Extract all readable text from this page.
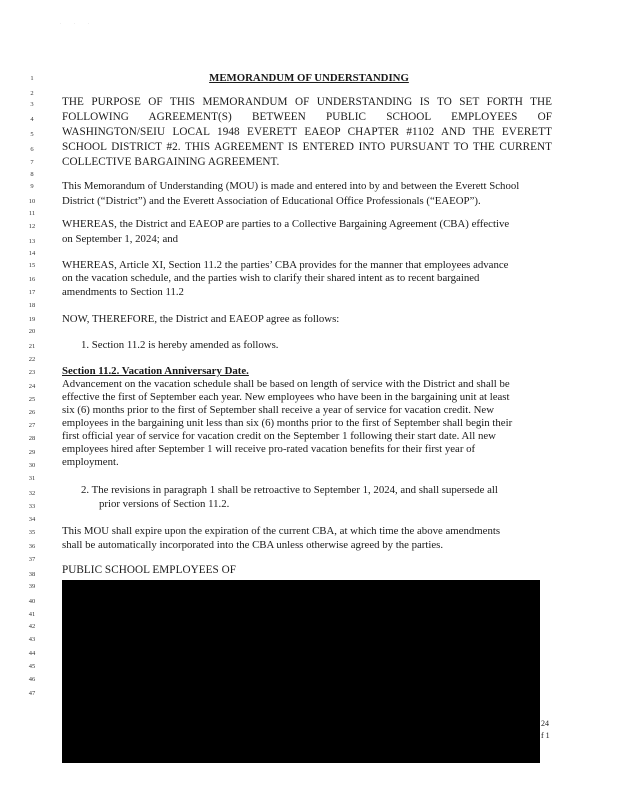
. . .
1
2
3
4
5
6
7
8
9
10
11
12
13
14
15
16
17
18
19
20
21
22
23
24
25
26
27
28
29
30
31
32
33
34
35
36
37
38
39
40
41
42
43
44
45
46
47
MEMORANDUM OF UNDERSTANDING
THE PURPOSE OF THIS MEMORANDUM OF UNDERSTANDING IS TO SET FORTH THE
FOLLOWING AGREEMENT(S) BETWEEN PUBLIC SCHOOL EMPLOYEES OF
WASHINGTON/SEIU LOCAL 1948 EVERETT EAEOP CHAPTER #1102 AND THE EVERETT
SCHOOL DISTRICT #2. THIS AGREEMENT IS ENTERED INTO PURSUANT TO THE CURRENT
COLLECTIVE BARGAINING AGREEMENT.
This Memorandum of Understanding (MOU) is made and entered into by and between the Everett School
District (“District”) and the Everett Association of Educational Office Professionals (“EAEOP”).
WHEREAS, the District and EAEOP are parties to a Collective Bargaining Agreement (CBA) effective
on September 1, 2024; and
WHEREAS, Article XI, Section 11.2 the parties’ CBA provides for the manner that employees advance
on the vacation schedule, and the parties wish to clarify their shared intent as to recent bargained
amendments to Section 11.2
NOW, THEREFORE, the District and EAEOP agree as follows:
1. Section 11.2 is hereby amended as follows.
Section 11.2. Vacation Anniversary Date.
Advancement on the vacation schedule shall be based on length of service with the District and shall be
effective the first of September each year. New employees who have been in the bargaining unit at least
six (6) months prior to the first of September shall receive a year of service for vacation credit. New
employees in the bargaining unit less than six (6) months prior to the first of September shall begin their
first official year of service for vacation credit on the September 1 following their start date. All new
employees hired after September 1 will receive pro-rated vacation benefits for their first year of
employment.
2. The revisions in paragraph 1 shall be retroactive to September 1, 2024, and shall supersede all
prior versions of Section 11.2.
This MOU shall expire upon the expiration of the current CBA, at which time the above amendments
shall be automatically incorporated into the CBA unless otherwise agreed by the parties.
PUBLIC SCHOOL EMPLOYEES OF
24
f 1
